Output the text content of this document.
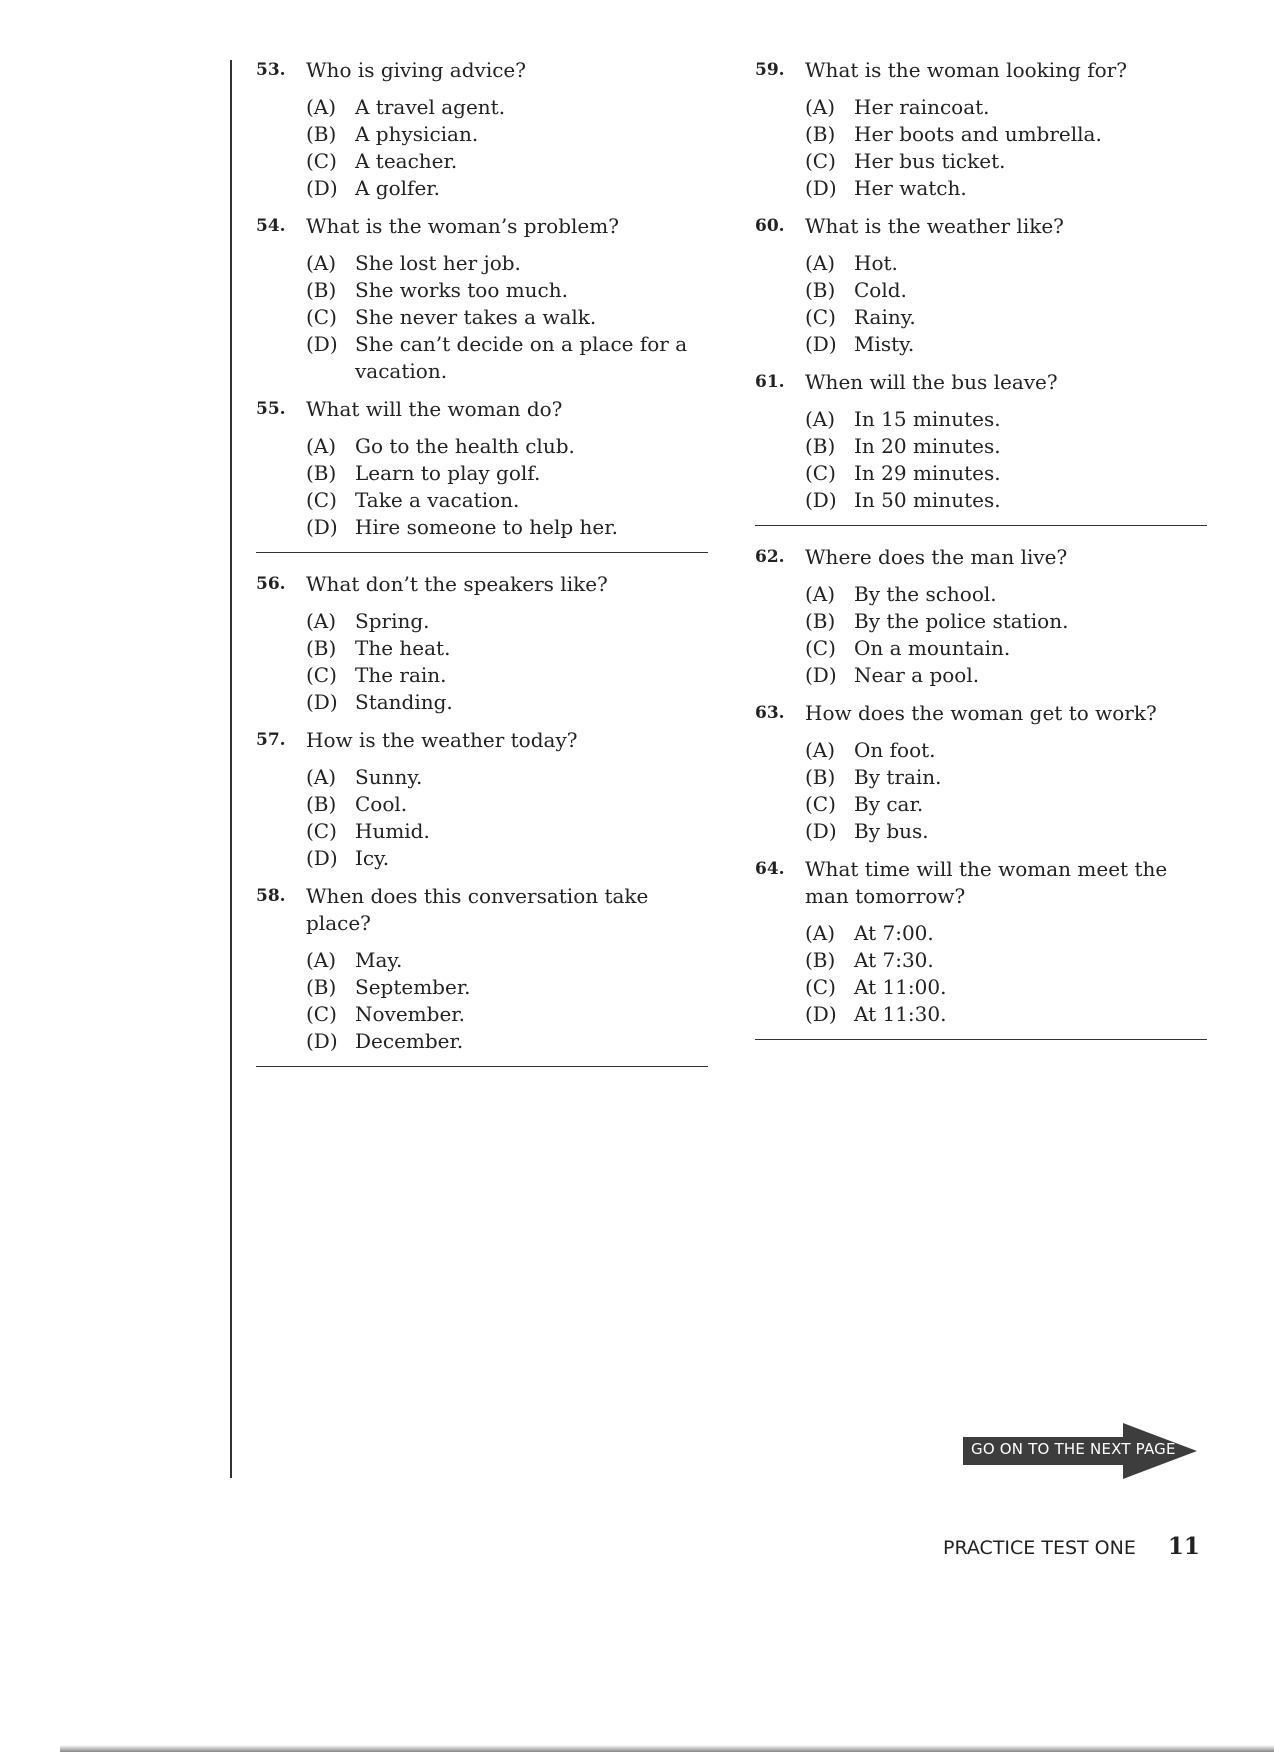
53.	Who is giving advice?
(A) A travel agent.
(B) A physician.
(C) A teacher.
(D) A golfer.
54.	What is the woman’s problem?
(A) She lost her job.
(B) She works too much.
(C) She never takes a walk.
(D) She can’t decide on a place for a vacation.
55.	What will the woman do?
(A) Go to the health club.
(B) Learn to play golf.
(C) Take a vacation.
(D) Hire someone to help her.
56.	What don’t the speakers like?
(A) Spring.
(B) The heat.
(C) The rain.
(D) Standing.
57.	How is the weather today?
(A) Sunny.
(B) Cool.
(C) Humid.
(D) Icy.
58.	When does this conversation take place?
(A) May.
(B) September.
(C) November.
(D) December.
59.	What is the woman looking for?
(A) Her raincoat.
(B) Her boots and umbrella.
(C) Her bus ticket.
(D) Her watch.
60.	What is the weather like?
(A) Hot.
(B) Cold.
(C) Rainy.
(D) Misty.
61.	When will the bus leave?
(A) In 15 minutes.
(B) In 20 minutes.
(C) In 29 minutes.
(D) In 50 minutes.
62.	Where does the man live?
(A) By the school.
(B) By the police station.
(C) On a mountain.
(D) Near a pool.
63.	How does the woman get to work?
(A) On foot.
(B) By train.
(C) By car.
(D) By bus.
64.	What time will the woman meet the man tomorrow?
(A) At 7:00.
(B) At 7:30.
(C) At 11:00.
(D) At 11:30.
GO ON TO THE NEXT PAGE
PRACTICE TEST ONE 11
